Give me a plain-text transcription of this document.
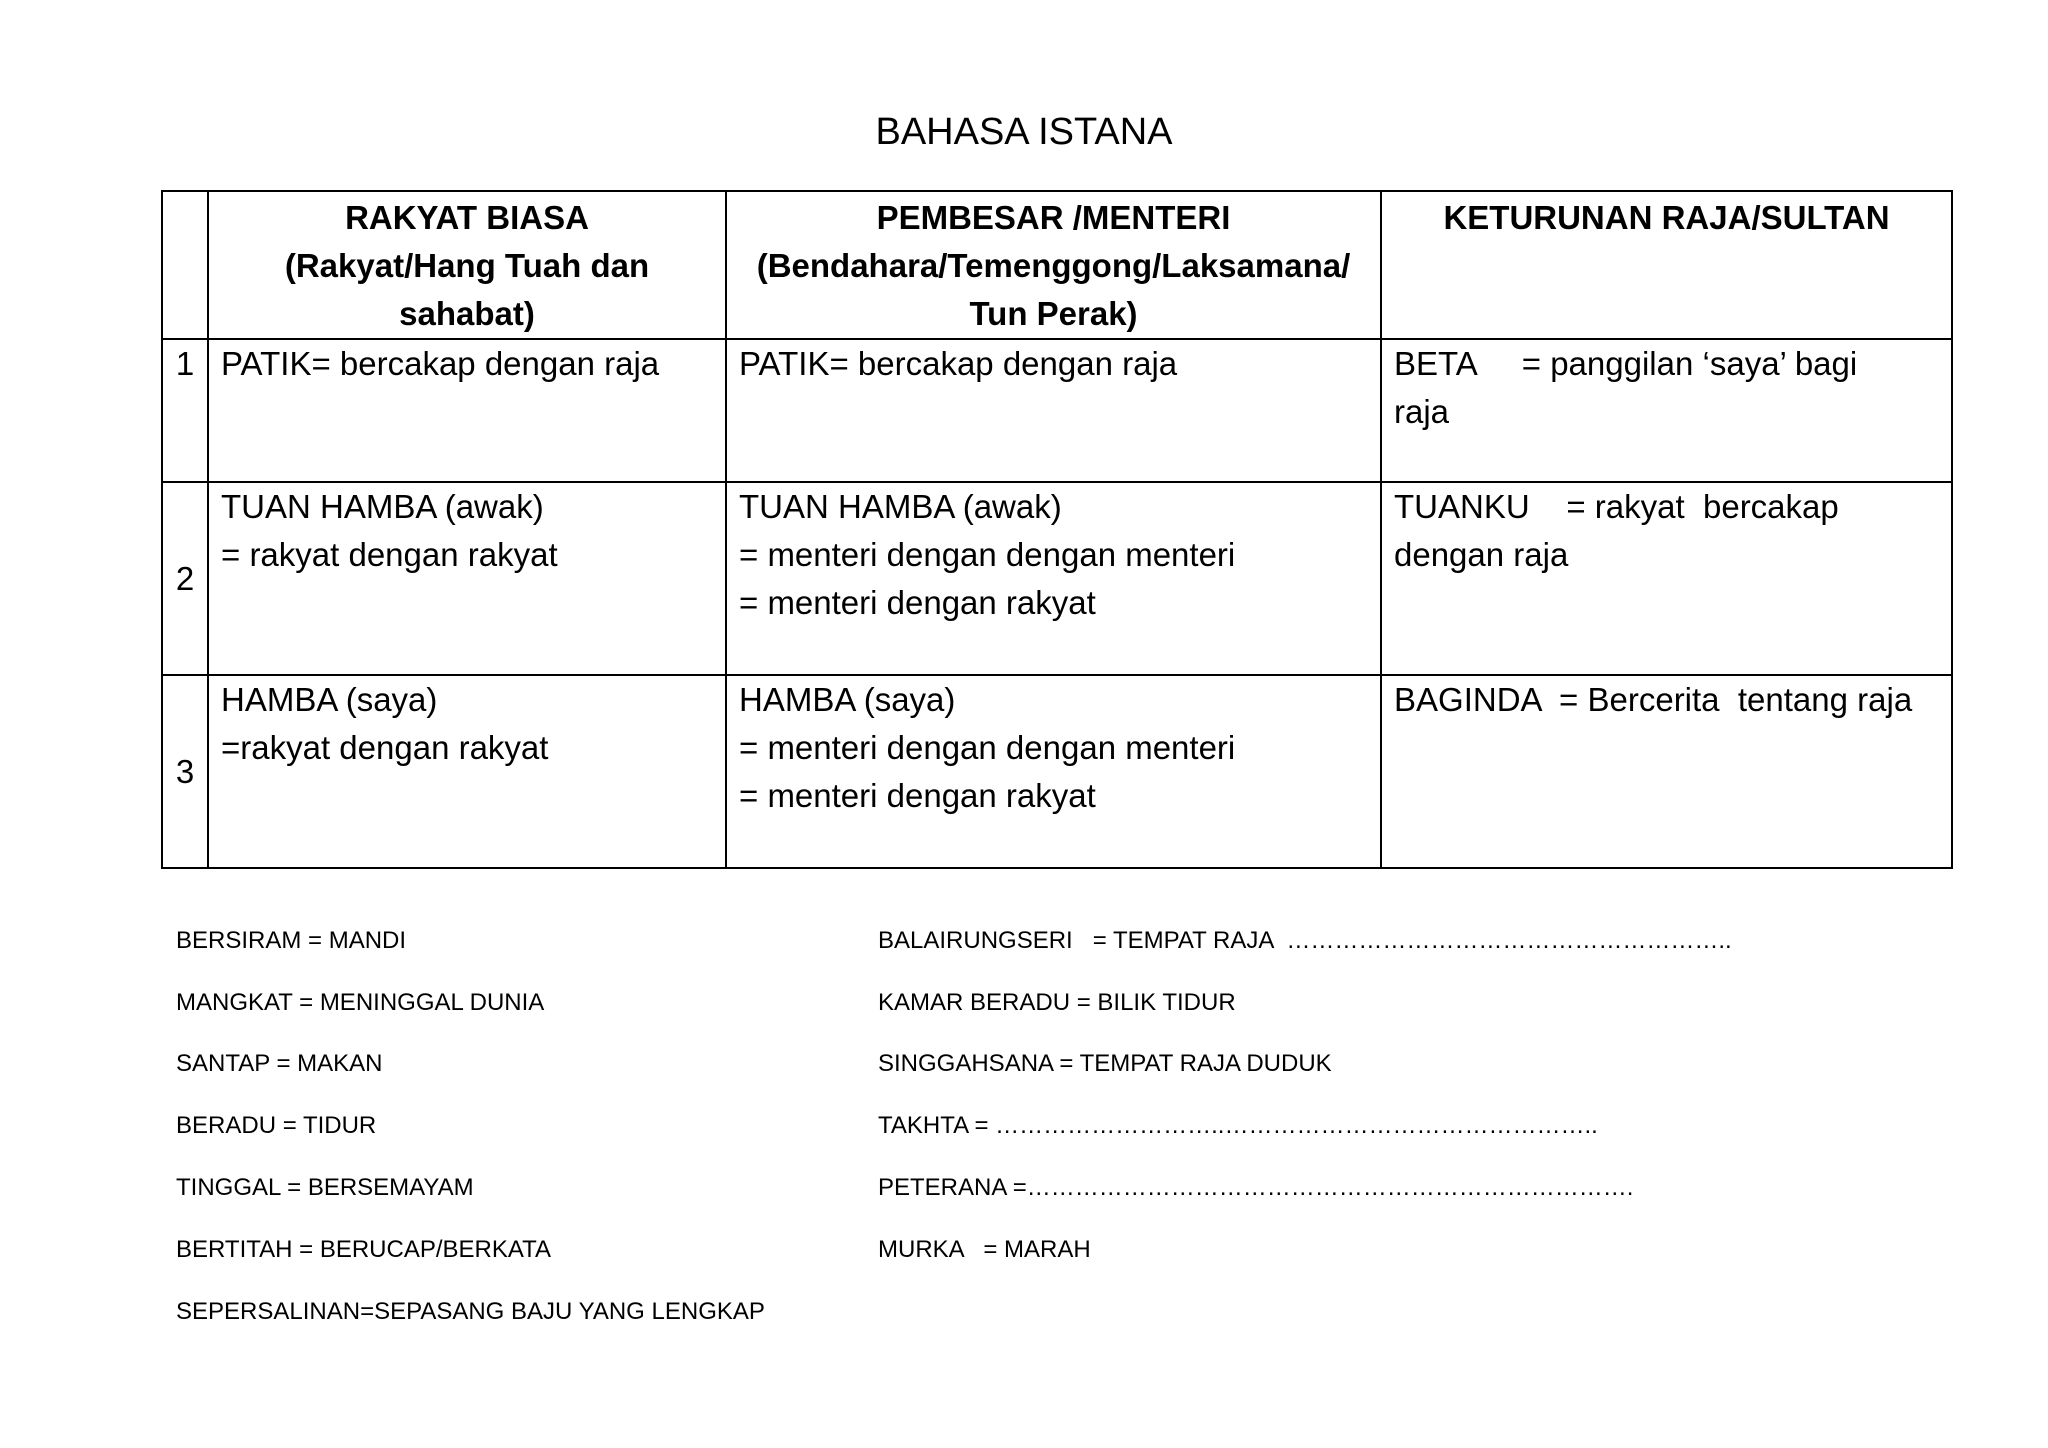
BAHASA ISTANA

	RAKYAT BIASA
(Rakyat/Hang Tuah dan
sahabat)	PEMBESAR /MENTERI
(Bendahara/Temenggong/Laksamana/
Tun Perak)	KETURUNAN RAJA/SULTAN

1	PATIK= bercakap dengan raja	PATIK= bercakap dengan raja	BETA     = panggilan ‘saya’ bagi
raja

2	TUAN HAMBA (awak)
= rakyat dengan rakyat	TUAN HAMBA (awak)
= menteri dengan dengan menteri
= menteri dengan rakyat	TUANKU    = rakyat  bercakap
dengan raja

3	HAMBA (saya)
=rakyat dengan rakyat	HAMBA (saya)
= menteri dengan dengan menteri
= menteri dengan rakyat	BAGINDA  = Bercerita  tentang raja
BERSIRAM = MANDI
MANGKAT = MENINGGAL DUNIA
SANTAP = MAKAN
BERADU = TIDUR
TINGGAL = BERSEMAYAM
BERTITAH = BERUCAP/BERKATA
SEPERSALINAN=SEPASANG BAJU YANG LENGKAP
BALAIRUNGSERI   = TEMPAT RAJA  ………………………………………………..
KAMAR BERADU = BILIK TIDUR
SINGGAHSANA = TEMPAT RAJA DUDUK
TAKHTA = ………………………..………………………………………..
PETERANA =………………………………………………………………….
MURKA   = MARAH
